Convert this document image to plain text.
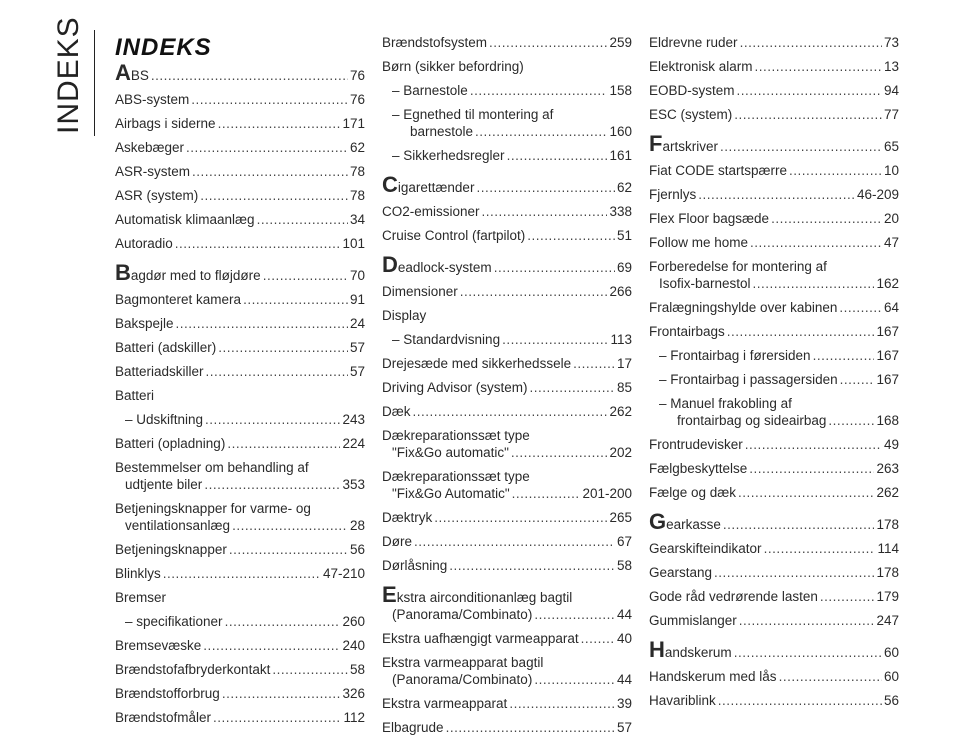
INDEKS INDEKS
ABS .....	76
ABS-system .....	76
Airbags i siderne .....	171
Askebæger .....	62
ASR-system .....	78
ASR (system) .....	78
Automatisk klimaanlæg .....	34
Autoradio .....	101
Bagdør med to fløjdøre .....	70
Bagmonteret kamera .....	91
Bakspejle .....	24
Batteri (adskiller) .....	57
Batteriadskiller .....	57
Batteri
– Udskiftning .....	243
Batteri (opladning) .....	224
Bestemmelser om behandling af
udtjente biler .....	353
Betjeningsknapper for varme- og
ventilationsanlæg .....	28
Betjeningsknapper .....	56
Blinklys .....	47-210
Bremser
– specifikationer .....	260
Bremsevæske .....	240
Brændstofafbryderkontakt .....	58
Brændstofforbrug .....	326
Brændstofmåler .....	112
Brændstofsystem .....	259
Børn (sikker befordring)
– Barnestole .....	158
– Egnethed til montering af
barnestole .....	160
– Sikkerhedsregler .....	161
Cigarettænder .....	62
CO2-emissioner .....	338
Cruise Control (fartpilot) .....	51
Deadlock-system .....	69
Dimensioner .....	266
Display
– Standardvisning .....	113
Drejesæde med sikkerhedssele .....	17
Driving Advisor (system) .....	85
Dæk .....	262
Dækreparationssæt type
"Fix&Go automatic" .....	202
Dækreparationssæt type
"Fix&Go Automatic" .....	201-200
Dæktryk .....	265
Døre .....	67
Dørlåsning .....	58
Ekstra airconditionanlæg bagtil
(Panorama/Combinato) .....	44
Ekstra uafhængigt varmeapparat .....	40
Ekstra varmeapparat bagtil
(Panorama/Combinato) .....	44
Ekstra varmeapparat .....	39
Elbagrude .....	57
Eldrevne ruder .....	73
Elektronisk alarm .....	13
EOBD-system .....	94
ESC (system) .....	77
Fartskriver .....	65
Fiat CODE startspærre .....	10
Fjernlys .....	46-209
Flex Floor bagsæde .....	20
Follow me home .....	47
Forberedelse for montering af
Isofix-barnestol .....	162
Fralægningshylde over kabinen .....	64
Frontairbags .....	167
– Frontairbag i førersiden .....	167
– Frontairbag i passagersiden .....	167
– Manuel frakobling af
frontairbag og sideairbag .....	168
Frontrudevisker .....	49
Fælgbeskyttelse .....	263
Fælge og dæk .....	262
Gearkasse .....	178
Gearskifteindikator .....	114
Gearstang .....	178
Gode råd vedrørende lasten .....	179
Gummislanger .....	247
Handskerum .....	60
Handskerum med lås .....	60
Havariblink .....	56
